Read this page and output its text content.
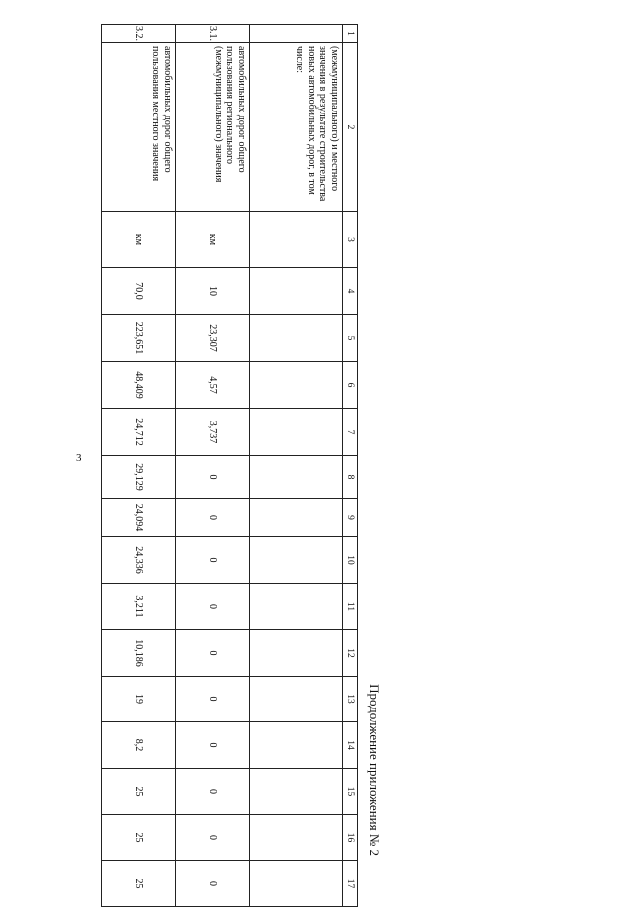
3
Продолжение приложения № 2
1	2	3	4	5	6	7	8	9	10	11	12	13	14	15	16	17
	(межмуниципального) и местного значения в результате строительства новых автомобильных дорог, в том числе:															
3.1.	автомобильных дорог общего пользования регионального (межмуниципального) значения	км	10	23,307	4,57	3,737	0	0	0	0	0	0	0	0	0	0
3.2.	автомобильных дорог общего пользования местного значения	км	70,0	223,651	48,409	24,712	29,129	24,094	24,336	3,211	10,186	19	8,2	25	25	25
